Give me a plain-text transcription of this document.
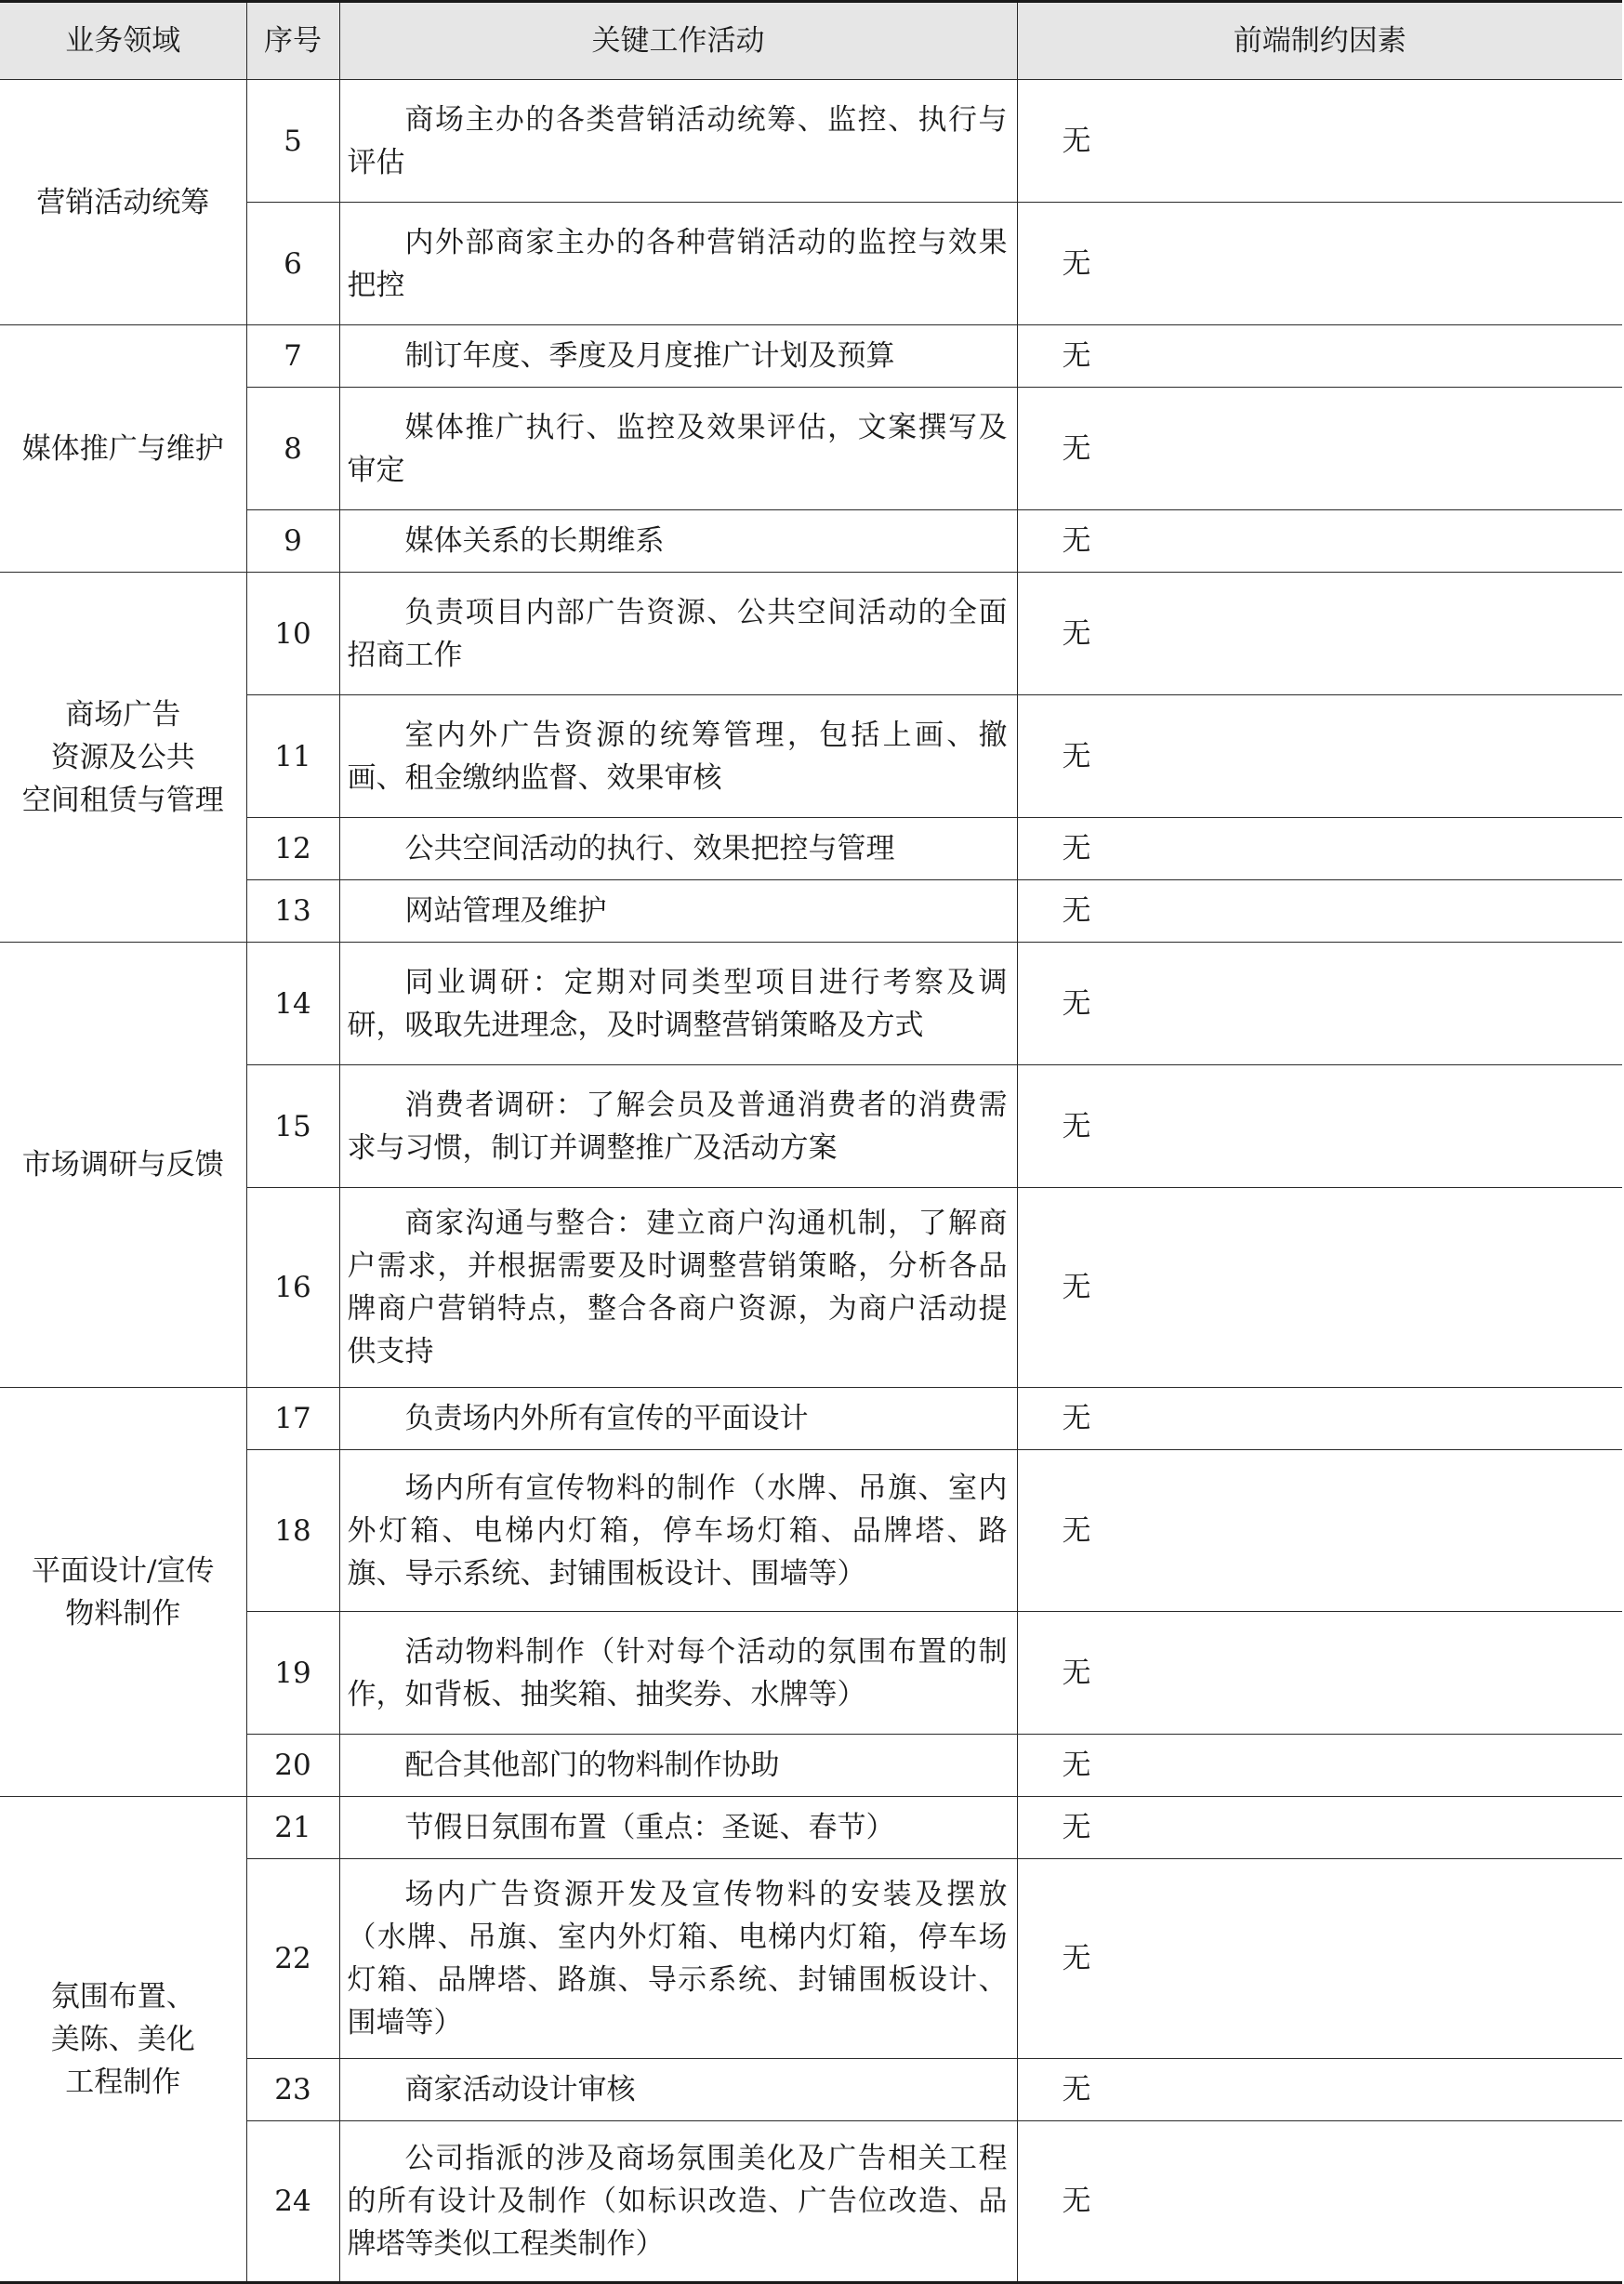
业务领域	序号	关键工作活动	前端制约因素
营销活动统筹	5	商场主办的各类营销活动统筹、监控、执行与评估	无
	6	内外部商家主办的各种营销活动的监控与效果把控	无
媒体推广与维护	7	制订年度、季度及月度推广计划及预算	无
	8	媒体推广执行、监控及效果评估，文案撰写及审定	无
	9	媒体关系的长期维系	无
商场广告
资源及公共
空间租赁与管理	10	负责项目内部广告资源、公共空间活动的全面招商工作	无
	11	室内外广告资源的统筹管理，包括上画、撤画、租金缴纳监督、效果审核	无
	12	公共空间活动的执行、效果把控与管理	无
	13	网站管理及维护	无
市场调研与反馈	14	同业调研：定期对同类型项目进行考察及调研，吸取先进理念，及时调整营销策略及方式	无
	15	消费者调研：了解会员及普通消费者的消费需求与习惯，制订并调整推广及活动方案	无
	16	商家沟通与整合：建立商户沟通机制，了解商户需求，并根据需要及时调整营销策略，分析各品牌商户营销特点，整合各商户资源，为商户活动提供支持	无
平面设计/宣传
物料制作	17	负责场内外所有宣传的平面设计	无
	18	场内所有宣传物料的制作（水牌、吊旗、室内外灯箱、电梯内灯箱，停车场灯箱、品牌塔、路旗、导示系统、封铺围板设计、围墙等）	无
	19	活动物料制作（针对每个活动的氛围布置的制作，如背板、抽奖箱、抽奖券、水牌等）	无
	20	配合其他部门的物料制作协助	无
氛围布置、
美陈、美化
工程制作	21	节假日氛围布置（重点：圣诞、春节）	无
	22	场内广告资源开发及宣传物料的安装及摆放（水牌、吊旗、室内外灯箱、电梯内灯箱，停车场灯箱、品牌塔、路旗、导示系统、封铺围板设计、围墙等）	无
	23	商家活动设计审核	无
	24	公司指派的涉及商场氛围美化及广告相关工程的所有设计及制作（如标识改造、广告位改造、品牌塔等类似工程类制作）	无
